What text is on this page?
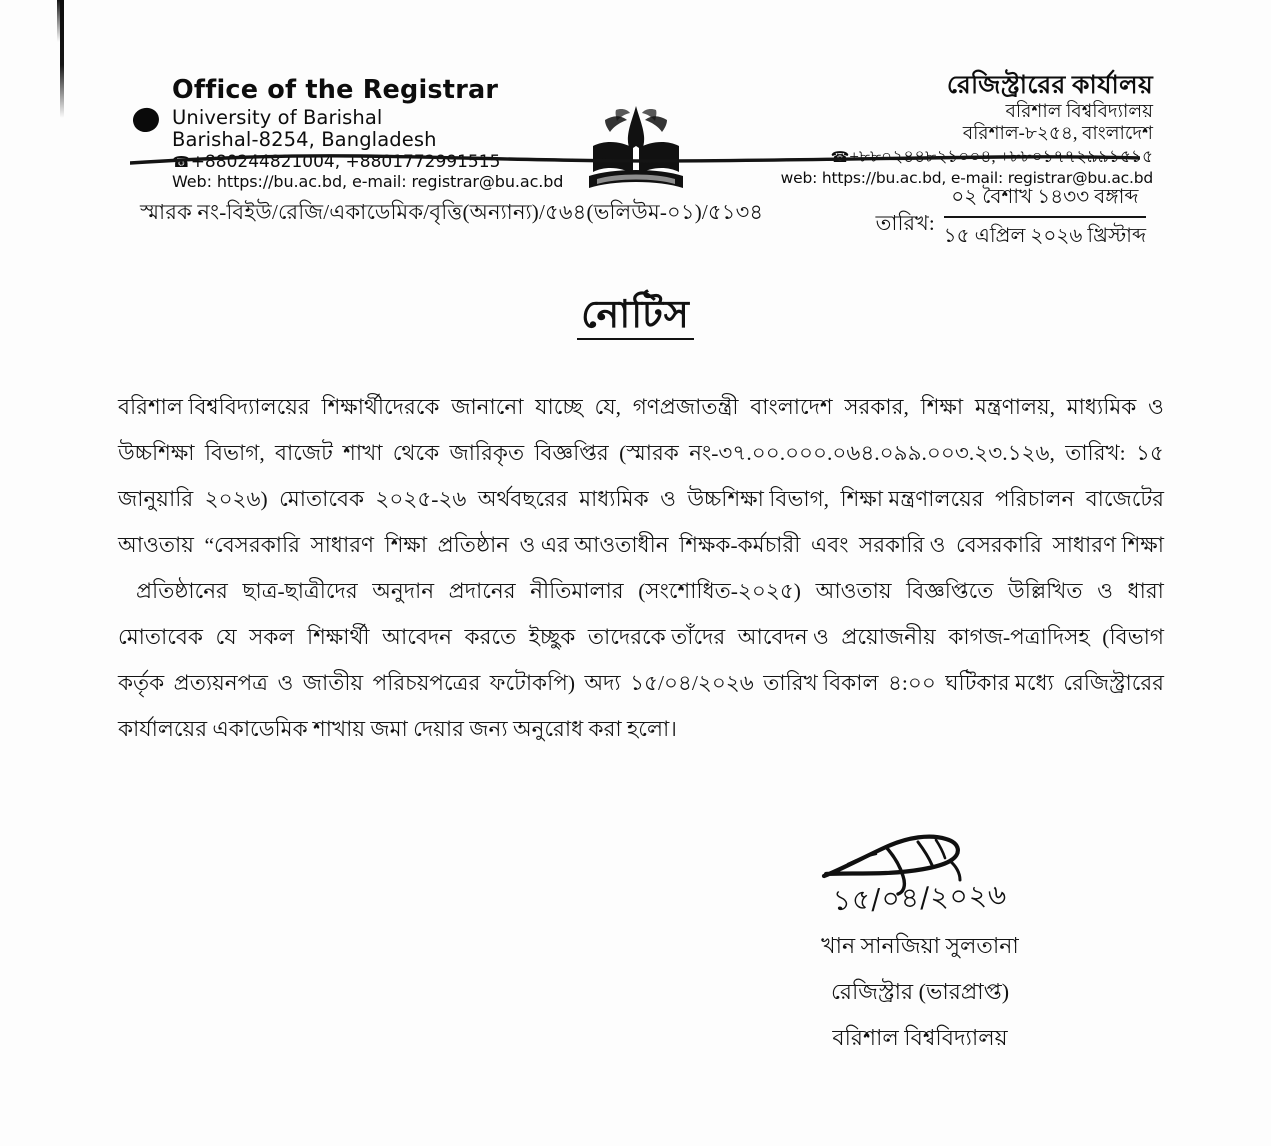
Office of the Registrar
University of Barishal
Barishal-8254, Bangladesh
☎+880244821004, +8801772991515
Web: https://bu.ac.bd, e-mail: registrar@bu.ac.bd
রেজিস্ট্রারের কার্যালয়
বরিশাল বিশ্ববিদ্যালয়
বরিশাল-৮২৫৪, বাংলাদেশ
☎+৮৮০২৪৪৮২১০০৪, +৮৮০১৭৭২৯৯১৫১৫
web: https://bu.ac.bd, e-mail: registrar@bu.ac.bd
স্মারক নং-বিইউ/রেজি/একাডেমিক/বৃত্তি(অন্যান্য)/৫৬৪(ভলিউম-০১)/৫১৩৪	তারিখ:
০২ বৈশাখ ১৪৩৩ বঙ্গাব্দ
১৫ এপ্রিল ২০২৬ খ্রিস্টাব্দ
নোটিস

বরিশাল বিশ্ববিদ্যালয়ের শিক্ষার্থীদেরকে জানানো যাচ্ছে যে, গণপ্রজাতন্ত্রী বাংলাদেশ সরকার, শিক্ষা মন্ত্রণালয়, মাধ্যমিক ও
উচ্চশিক্ষা বিভাগ, বাজেট শাখা থেকে জারিকৃত বিজ্ঞপ্তির (স্মারক নং-৩৭.০০.০০০.০৬৪.০৯৯.০০৩.২৩.১২৬, তারিখ: ১৫
জানুয়ারি ২০২৬) মোতাবেক ২০২৫-২৬ অর্থবছরের মাধ্যমিক ও উচ্চশিক্ষা বিভাগ, শিক্ষা মন্ত্রণালয়ের পরিচালন বাজেটের
আওতায় “বেসরকারি সাধারণ শিক্ষা প্রতিষ্ঠান ও এর আওতাধীন শিক্ষক-কর্মচারী এবং সরকারি ও বেসরকারি সাধারণ শিক্ষা
প্রতিষ্ঠানের ছাত্র-ছাত্রীদের অনুদান প্রদানের নীতিমালার (সংশোধিত-২০২৫) আওতায় বিজ্ঞপ্তিতে উল্লিখিত ও ধারা
মোতাবেক যে সকল শিক্ষার্থী আবেদন করতে ইচ্ছুক তাদেরকে তাঁদের আবেদন ও প্রয়োজনীয় কাগজ-পত্রাদিসহ (বিভাগ
কর্তৃক প্রত্যয়নপত্র ও জাতীয় পরিচয়পত্রের ফটোকপি) অদ্য ১৫/০৪/২০২৬ তারিখ বিকাল ৪:০০ ঘটিকার মধ্যে রেজিস্ট্রারের
কার্যালয়ের একাডেমিক শাখায় জমা দেয়ার জন্য অনুরোধ করা হলো।

১৫/০৪/২০২৬
খান সানজিয়া সুলতানা
রেজিস্ট্রার (ভারপ্রাপ্ত)
বরিশাল বিশ্ববিদ্যালয়
